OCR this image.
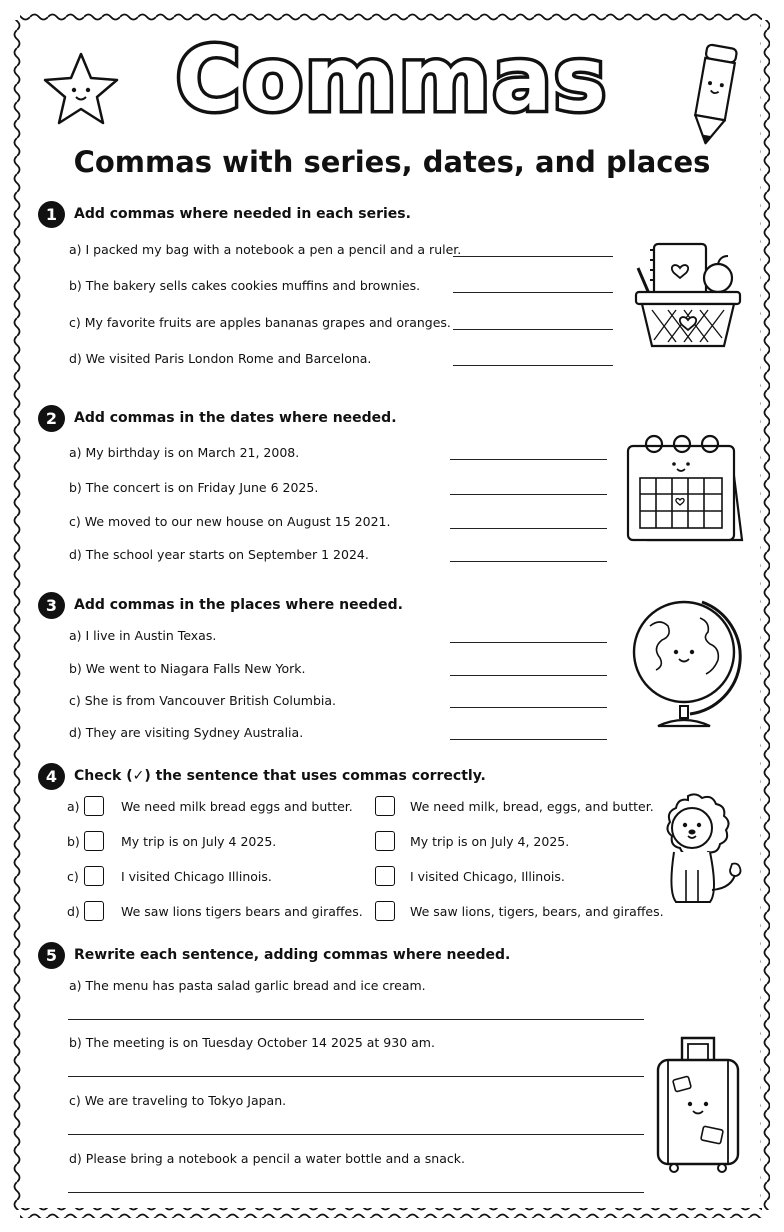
Commas
Commas with series, dates, and places
1	Add commas where needed in each series.
a) I packed my bag with a notebook a pen a pencil and a ruler.
b) The bakery sells cakes cookies muffins and brownies.
c) My favorite fruits are apples bananas grapes and oranges.
d) We visited Paris London Rome and Barcelona.
2	Add commas in the dates where needed.
a) My birthday is on March 21, 2008.
b) The concert is on Friday June 6 2025.
c) We moved to our new house on August 15 2021.
d) The school year starts on September 1 2024.
3	Add commas in the places where needed.
a) I live in Austin Texas.
b) We went to Niagara Falls New York.
c) She is from Vancouver British Columbia.
d) They are visiting Sydney Australia.
4	Check (✓) the sentence that uses commas correctly.
a)	We need milk bread eggs and butter.	We need milk, bread, eggs, and butter.
b)	My trip is on July 4 2025.	My trip is on July 4, 2025.
c)	I visited Chicago Illinois.	I visited Chicago, Illinois.
d)	We saw lions tigers bears and giraffes.	We saw lions, tigers, bears, and giraffes.
5	Rewrite each sentence, adding commas where needed.
a) The menu has pasta salad garlic bread and ice cream.
b) The meeting is on Tuesday October 14 2025 at 930 am.
c) We are traveling to Tokyo Japan.
d) Please bring a notebook a pencil a water bottle and a snack.
